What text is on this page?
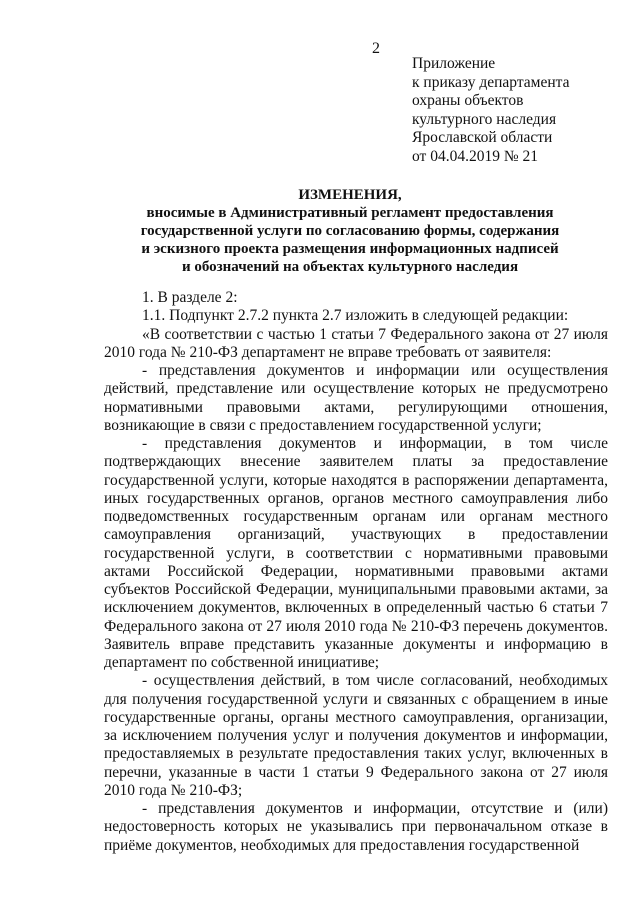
2
Приложение
к приказу департамента
охраны объектов
культурного наследия
Ярославской области
от 04.04.2019 № 21
ИЗМЕНЕНИЯ,
вносимые в Административный регламент предоставления
государственной услуги по согласованию формы, содержания
и эскизного проекта размещения информационных надписей
и обозначений на объектах культурного наследия

1. В разделе 2:

1.1. Подпункт 2.7.2 пункта 2.7 изложить в следующей редакции:

«В соответствии с частью 1 статьи 7 Федерального закона от 27 июля 2010 года № 210-ФЗ департамент не вправе требовать от заявителя:

- представления документов и информации или осуществления действий, представление или осуществление которых не предусмотрено нормативными правовыми актами, регулирующими отношения, возникающие в связи с предоставлением государственной услуги;

- представления документов и информации, в том числе подтверждающих внесение заявителем платы за предоставление государственной услуги, которые находятся в распоряжении департамента, иных государственных органов, органов местного самоуправления либо подведомственных государственным органам или органам местного самоуправления организаций, участвующих в предоставлении государственной услуги, в соответствии с нормативными правовыми актами Российской Федерации, нормативными правовыми актами субъектов Российской Федерации, муниципальными правовыми актами, за исключением документов, включенных в определенный частью 6 статьи 7 Федерального закона от 27 июля 2010 года № 210-ФЗ перечень документов. Заявитель вправе представить указанные документы и информацию в департамент по собственной инициативе;

- осуществления действий, в том числе согласований, необходимых для получения государственной услуги и связанных с обращением в иные государственные органы, органы местного самоуправления, организации, за исключением получения услуг и получения документов и информации, предоставляемых в результате предоставления таких услуг, включенных в перечни, указанные в части 1 статьи 9 Федерального закона от 27 июля 2010 года № 210-ФЗ;

- представления документов и информации, отсутствие и (или) недостоверность которых не указывались при первоначальном отказе в приёме документов, необходимых для предоставления государственной
